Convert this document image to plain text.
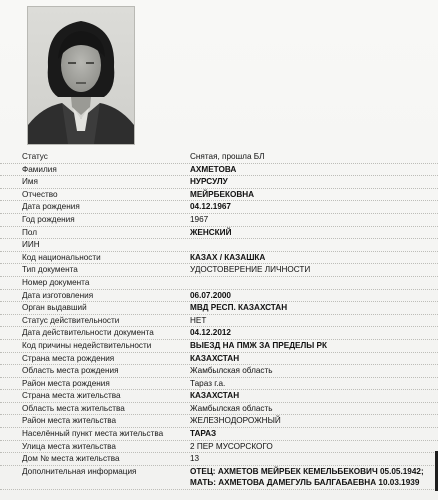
Статус	Снятая, прошла БЛ
Фамилия	АХМЕТОВА
Имя	НУРСУЛУ
Отчество	МЕЙРБЕКОВНА
Дата рождения	04.12.1967
Год рождения	1967
Пол	ЖЕНСКИЙ
ИИН
Код национальности	КАЗАХ / КАЗАШКА
Тип документа	УДОСТОВЕРЕНИЕ ЛИЧНОСТИ
Номер документа
Дата изготовления	06.07.2000
Орган выдавший	МВД РЕСП. КАЗАХСТАН
Статус действительности	НЕТ
Дата действительности документа	04.12.2012
Код причины недействительности	ВЫЕЗД НА ПМЖ ЗА ПРЕДЕЛЫ РК
Страна места рождения	КАЗАХСТАН
Область места рождения	Жамбылская область
Район места рождения	Тараз г.а.
Страна места жительства	КАЗАХСТАН
Область места жительства	Жамбылская область
Район места жительства	ЖЕЛЕЗНОДОРОЖНЫЙ
Населённый пункт места жительства	ТАРАЗ
Улица места жительства	2 ПЕР МУСОРСКОГО
Дом № места жительства	13
Дополнительная информация	ОТЕЦ: АХМЕТОВ МЕЙРБЕК КЕМЕЛЬБЕКОВИЧ 05.05.1942;
МАТЬ: АХМЕТОВА ДАМЕГУЛЬ БАЛГАБАЕВНА 10.03.1939
